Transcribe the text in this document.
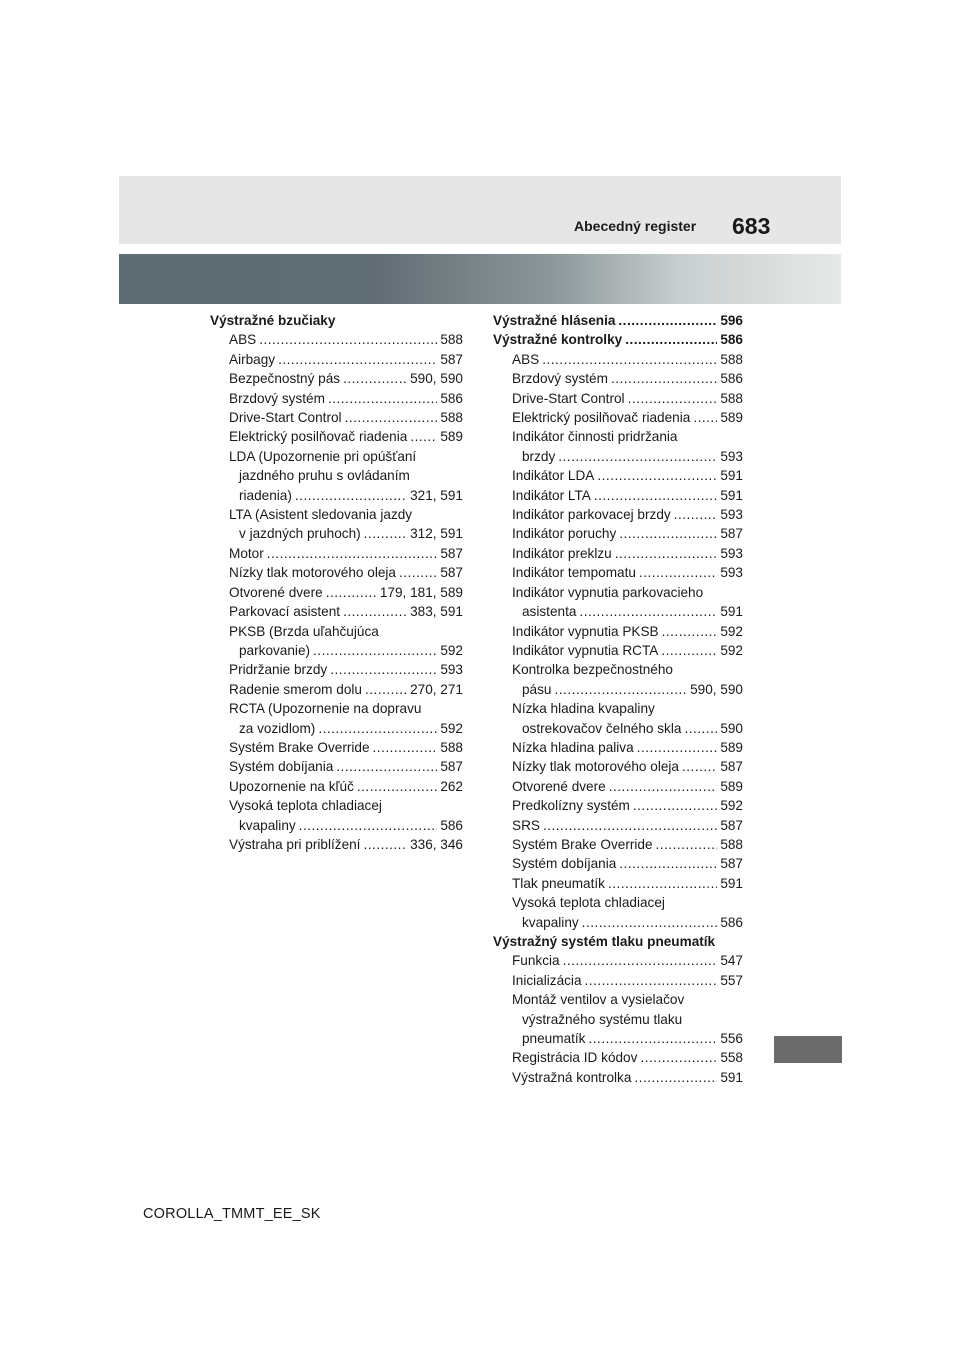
Abecedný register 683
Výstražné bzučiaky
ABS .....	588
Airbagy .....	587
Bezpečnostný pás .....	590, 590
Brzdový systém .....	586
Drive-Start Control .....	588
Elektrický posilňovač riadenia ..... 589
LDA (Upozornenie pri opúšťaní
jazdného pruhu s ovládaním
riadenia) .....	321, 591
LTA (Asistent sledovania jazdy
v jazdných pruhoch) .....	312, 591
Motor .....	587
Nízky tlak motorového oleja .....	587
Otvorené dvere .....	179, 181, 589
Parkovací asistent .....	383, 591
PKSB (Brzda uľahčujúca
parkovanie) .....	592
Pridržanie brzdy .....	593
Radenie smerom dolu .....	270, 271
RCTA (Upozornenie na dopravu
za vozidlom) .....	592
Systém Brake Override .....	588
Systém dobíjania .....	587
Upozornenie na kľúč .....	262
Vysoká teplota chladiacej
kvapaliny .....	586
Výstraha pri priblížení .....	336, 346
Výstražné hlásenia .....	596
Výstražné kontrolky .....	586
ABS .....	588
Brzdový systém .....	586
Drive-Start Control .....	588
Elektrický posilňovač riadenia ..... 589
Indikátor činnosti pridržania
brzdy .....	593
Indikátor LDA .....	591
Indikátor LTA .....	591
Indikátor parkovacej brzdy .....	593
Indikátor poruchy .....	587
Indikátor preklzu .....	593
Indikátor tempomatu .....	593
Indikátor vypnutia parkovacieho
asistenta .....	591
Indikátor vypnutia PKSB .....	592
Indikátor vypnutia RCTA .....	592
Kontrolka bezpečnostného
pásu .....	590, 590
Nízka hladina kvapaliny
ostrekovačov čelného skla .....	590
Nízka hladina paliva .....	589
Nízky tlak motorového oleja .....	587
Otvorené dvere .....	589
Predkolízny systém .....	592
SRS .....	587
Systém Brake Override .....	588
Systém dobíjania .....	587
Tlak pneumatík .....	591
Vysoká teplota chladiacej
kvapaliny .....	586
Výstražný systém tlaku pneumatík
Funkcia .....	547
Inicializácia .....	557
Montáž ventilov a vysielačov
výstražného systému tlaku
pneumatík .....	556
Registrácia ID kódov .....	558
Výstražná kontrolka .....	591
COROLLA_TMMT_EE_SK
